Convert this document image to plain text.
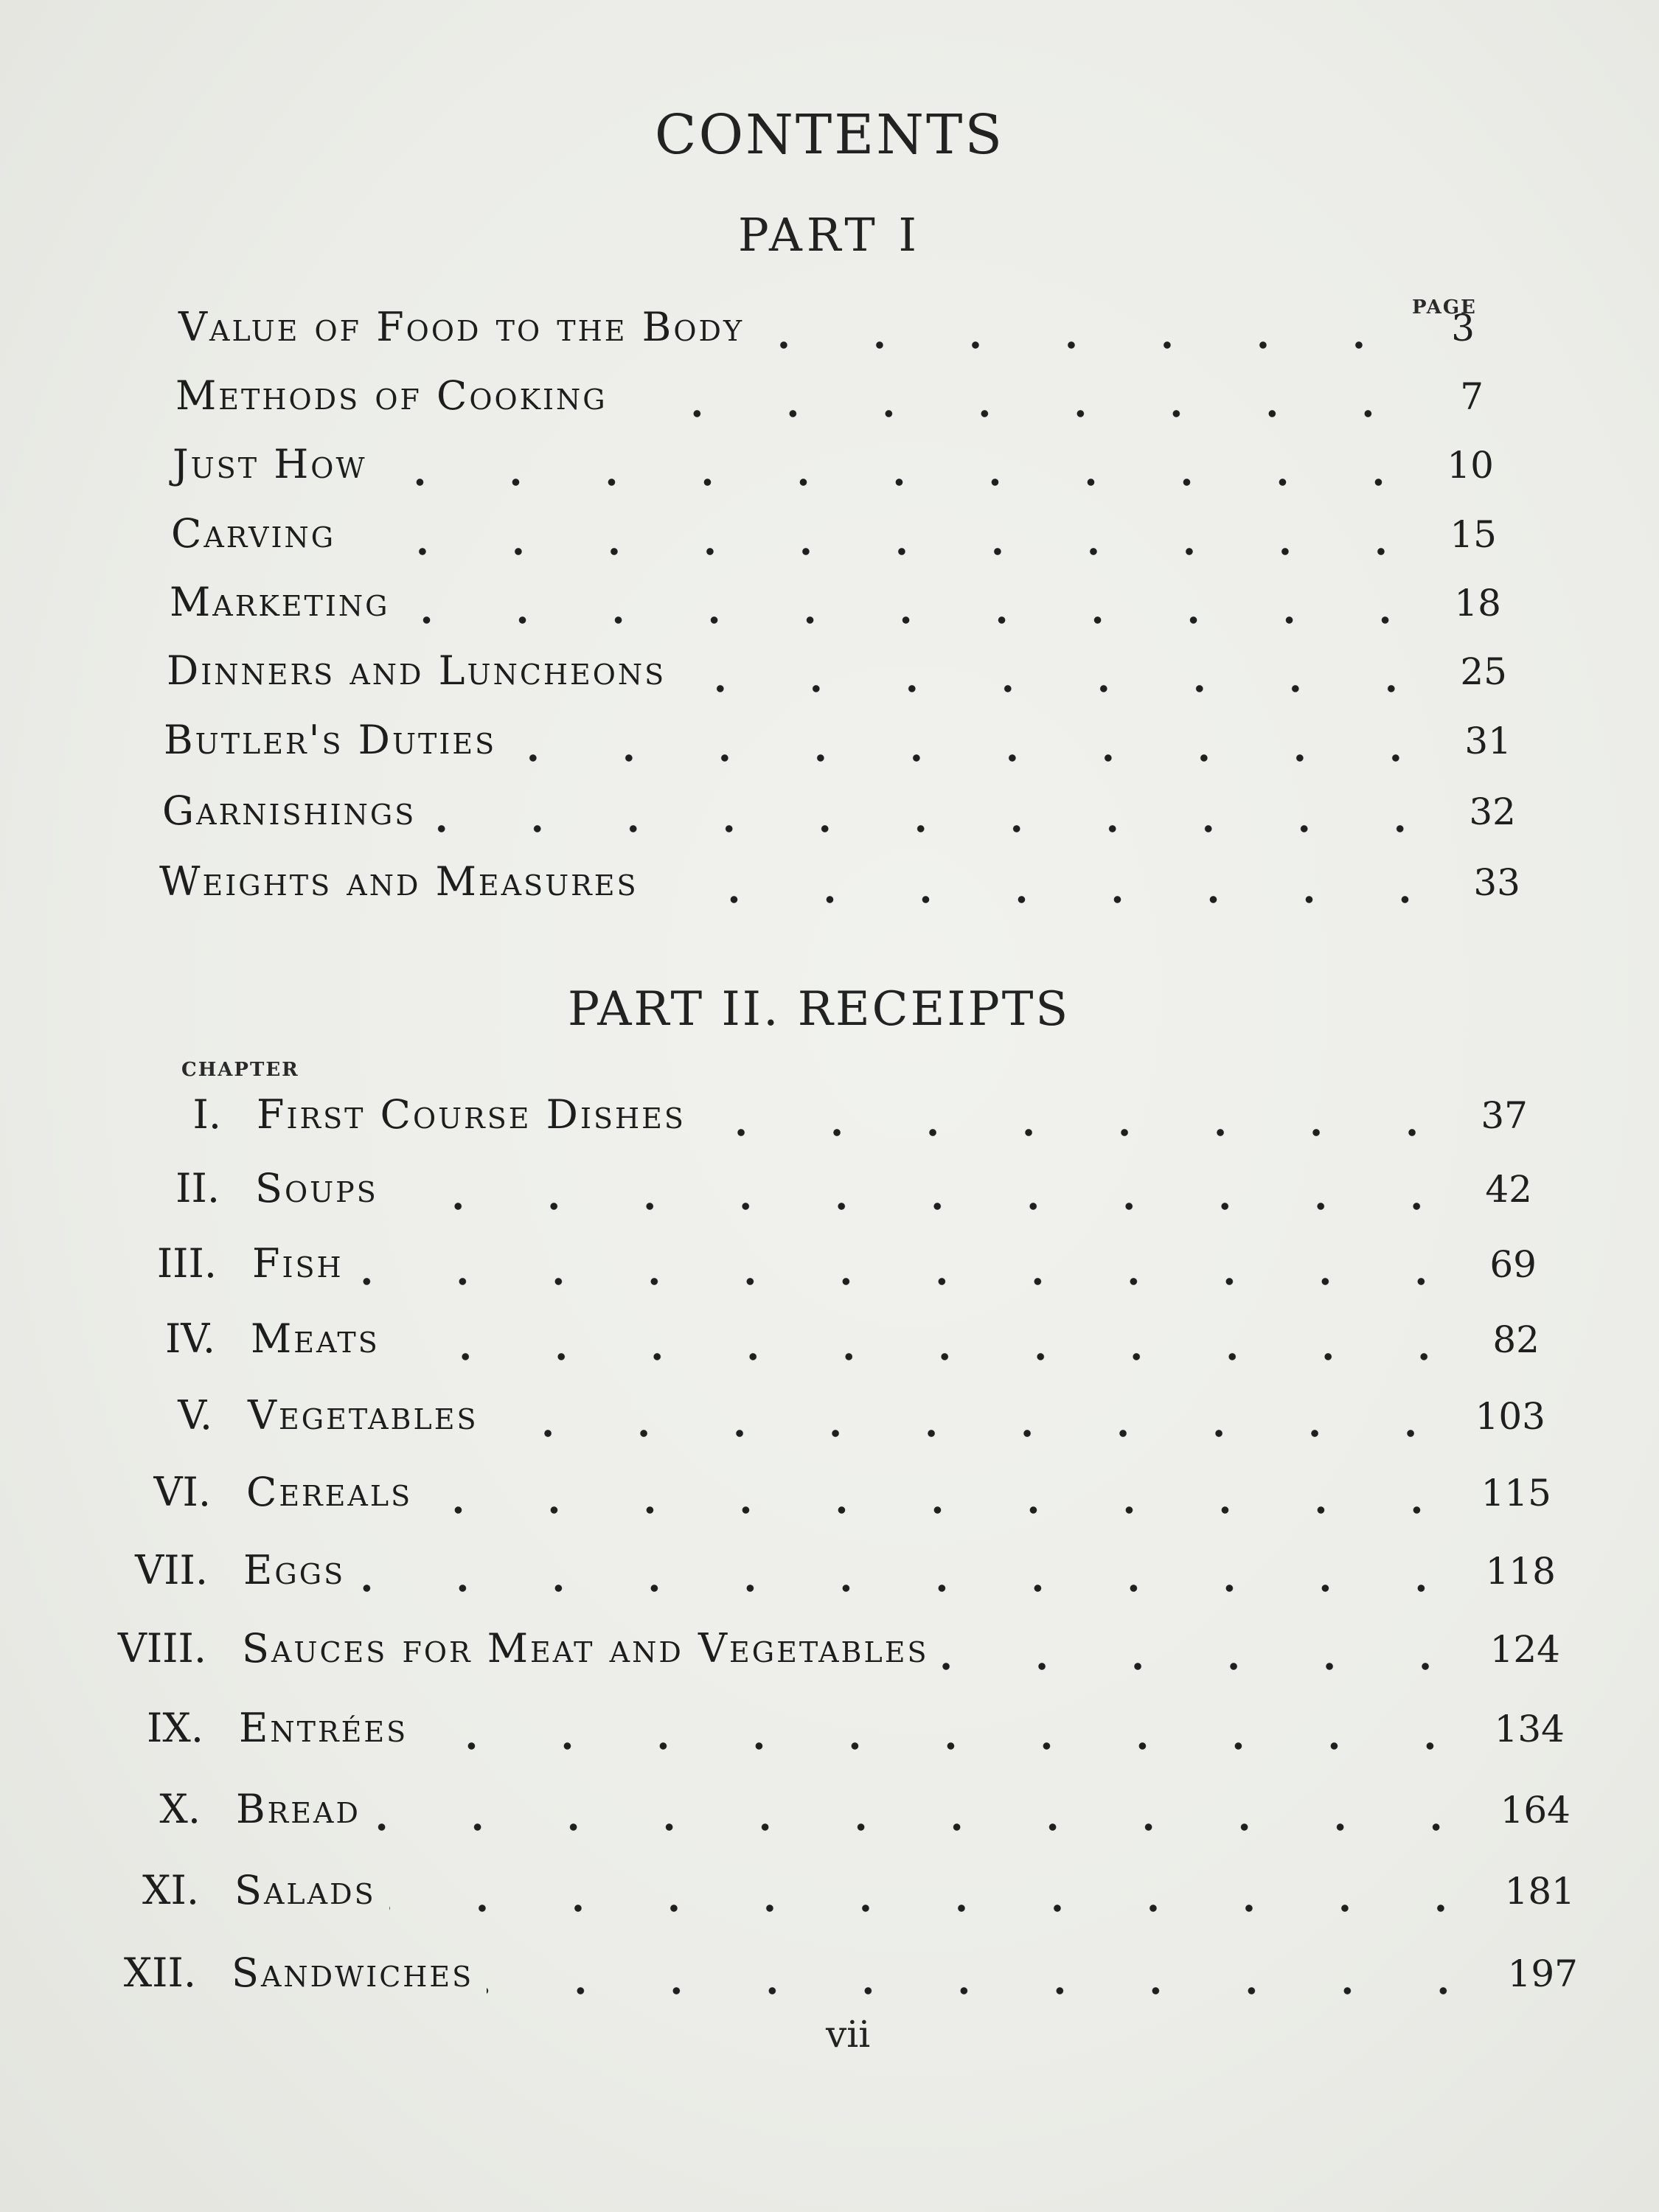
CONTENTS
PART I
PAGE
Value of Food to the Body	3
Methods of Cooking	7
Just How	10
Carving	15
Marketing	18
Dinners and Luncheons	25
Butler's Duties	31
Garnishings	32
Weights and Measures	33
PART II. RECEIPTS
CHAPTER
I. First Course Dishes	37
II. Soups	42
III. Fish	69
IV. Meats	82
V. Vegetables	103
VI. Cereals	115
VII. Eggs	118
VIII. Sauces for Meat and Vegetables	124
IX. Entrées	134
X. Bread	164
XI. Salads	181
XII. Sandwiches	197
vii
